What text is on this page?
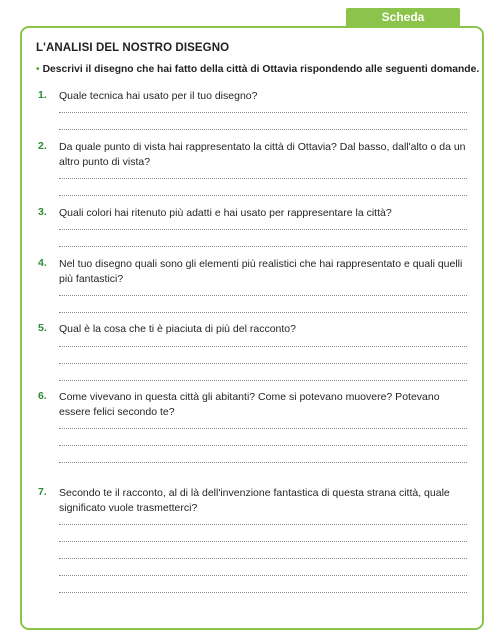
Scheda
L'ANALISI DEL NOSTRO DISEGNO
• Descrivi il disegno che hai fatto della città di Ottavia rispondendo alle seguenti domande.
1. Quale tecnica hai usato per il tuo disegno?
2. Da quale punto di vista hai rappresentato la città di Ottavia? Dal basso, dall'alto o da un altro punto di vista?
3. Quali colori hai ritenuto più adatti e hai usato per rappresentare la città?
4. Nel tuo disegno quali sono gli elementi più realistici che hai rappresentato e quali quelli più fantastici?
5. Qual è la cosa che ti è piaciuta di più del racconto?
6. Come vivevano in questa città gli abitanti? Come si potevano muovere? Potevano essere felici secondo te?
7. Secondo te il racconto, al di là dell'invenzione fantastica di questa strana città, quale significato vuole trasmetterci?
